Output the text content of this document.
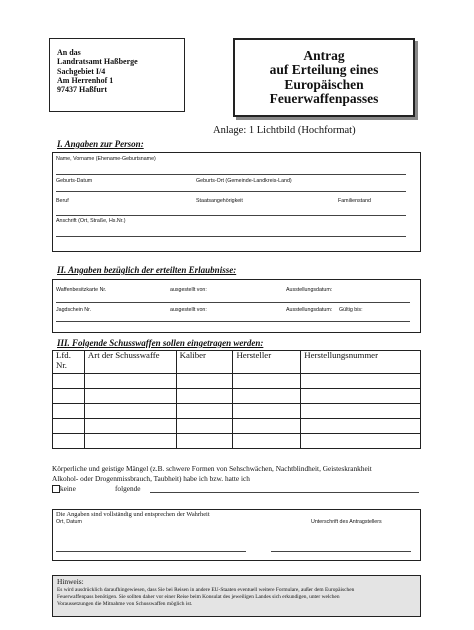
An das
Landratsamt Haßberge
Sachgebiet I/4
Am Herrenhof 1
97437 Haßfurt
Antrag
auf Erteilung eines
Europäischen
Feuerwaffenpasses
Anlage: 1 Lichtbild (Hochformat)
I. Angaben zur Person:
Name, Vorname (Ehename-Geburtsname)
Geburts-Datum	Geburts-Ort (Gemeinde-Landkreis-Land)
Beruf	Staatsangehörigkeit	Familienstand
Anschrift (Ort, Straße, Hs.Nr.)
II. Angaben bezüglich der erteilten Erlaubnisse:
Waffenbesitzkarte Nr.	ausgestellt von:	Ausstellungsdatum:
Jagdschein Nr.	ausgestellt von:	Ausstellungsdatum: Gültig bis:
III. Folgende Schusswaffen sollen eingetragen werden:
Lfd. Nr.	Art der Schusswaffe	Kaliber	Hersteller	Herstellungsnummer

Körperliche und geistige Mängel (z.B. schwere Formen von Sehschwächen, Nachtblindheit, Geisteskrankheit
Alkohol- oder Drogenmissbrauch, Taubheit) habe ich bzw. hatte ich
keine	folgende
Die Angaben sind vollständig und entsprechen der Wahrheit
Ort, Datum	Unterschrift des Antragstellers
Hinweis:
Es wird ausdrücklich daraufhingewiesen, dass Sie bei Reisen in andere EU-Staaten eventuell weitere Formulare, außer dem Europäischen
Feuerwaffenpass benötigen. Sie sollten daher vor einer Reise beim Konsulat des jeweiligen Landes sich erkundigen, unter welchen
Voraussetzungen die Mitnahme von Schusswaffen möglich ist.
